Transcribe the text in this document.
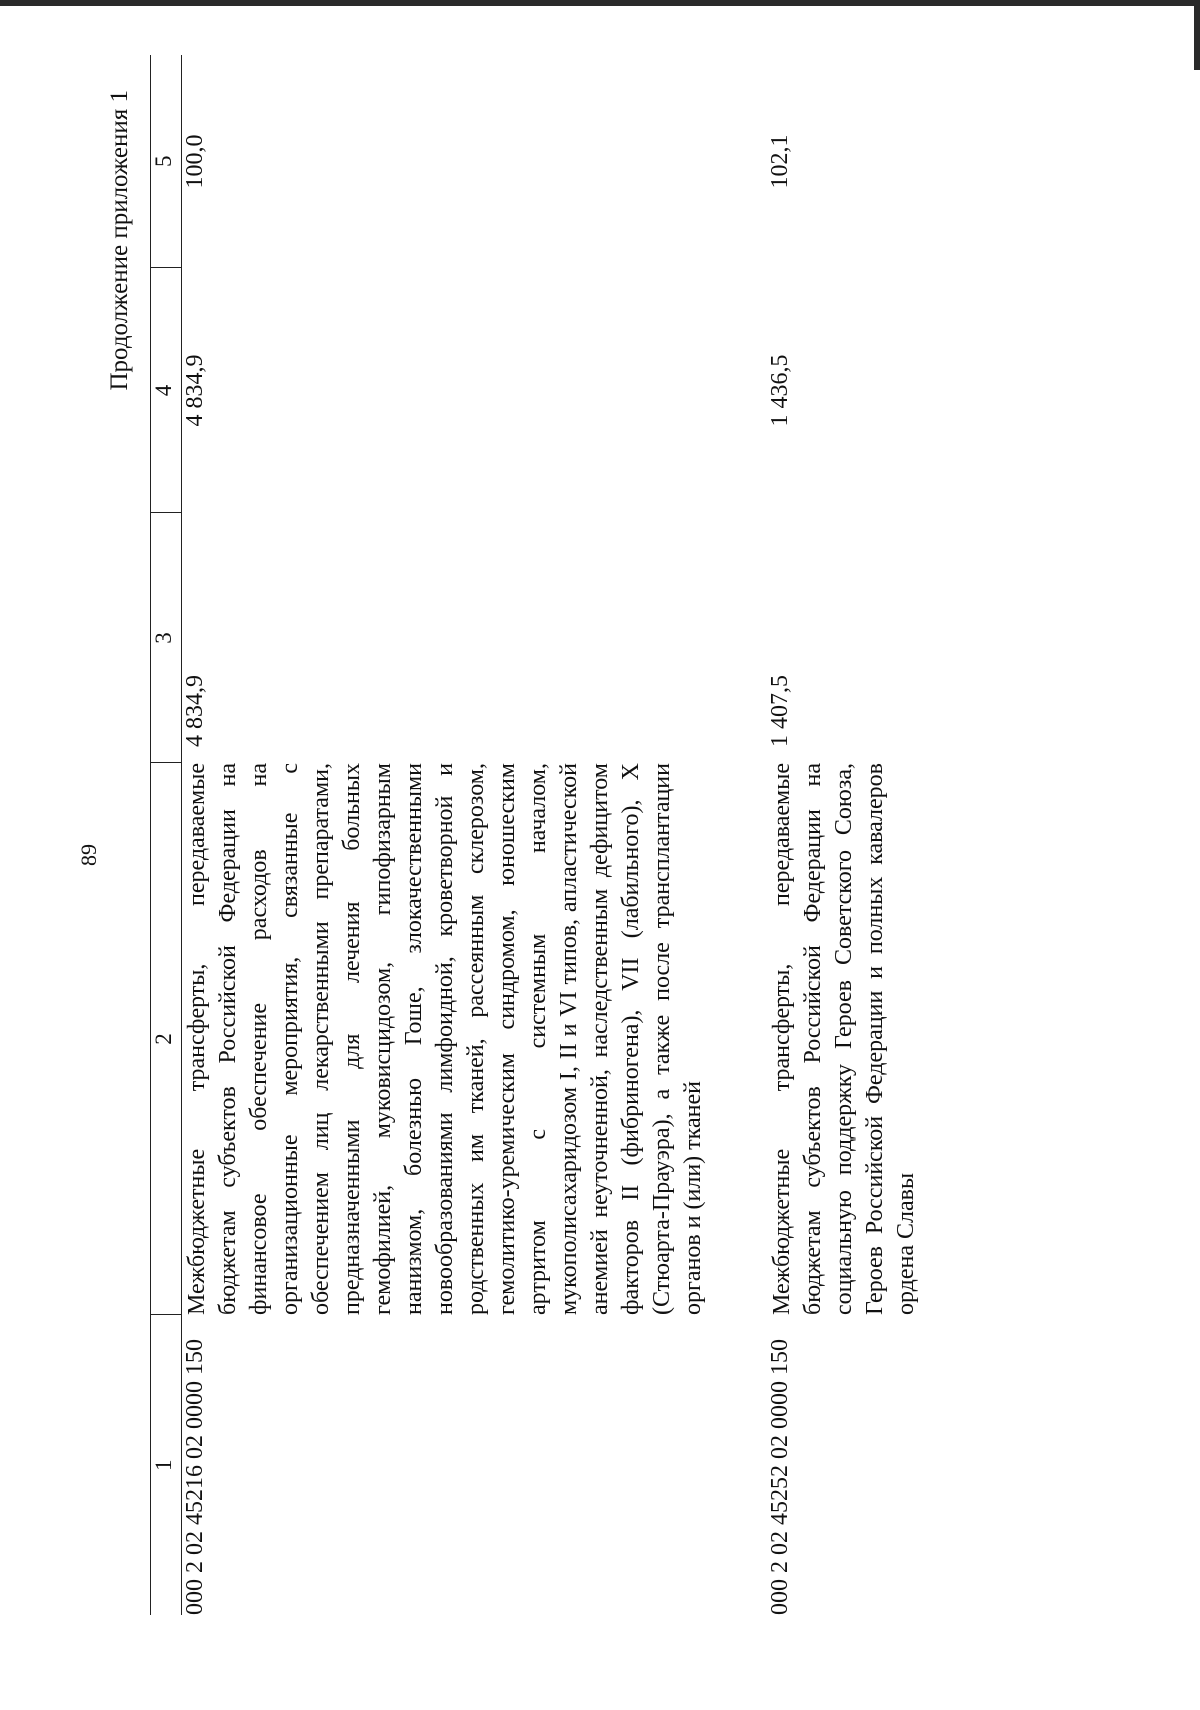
89
Продолжение приложения 1
1	2	3	4	5
000 2 02 45216 02 0000 150	Межбюджетные трансферты, передаваемые бюджетам субъектов Российской Федерации на финансовое обеспечение расходов на организационные мероприятия, связанные с обеспечением лиц лекарственными препаратами, предназначенными для лечения больных гемофилией, муковисцидозом, гипофизарным нанизмом, болезнью Гоше, злокачественными новообразованиями лимфоидной, кроветворной и родственных им тканей, рассеянным склерозом, гемолитико-уремическим синдромом, юношеским артритом с системным началом, мукополисахаридозом I, II и VI типов, апластической анемией неуточненной, наследственным дефицитом факторов II (фибриногена), VII (лабильного), X (Стюарта-Прауэра), а также после трансплантации органов и (или) тканей	4 834,9	4 834,9	100,0

000 2 02 45252 02 0000 150	Межбюджетные трансферты, передаваемые бюджетам субъектов Российской Федерации на социальную поддержку Героев Советского Союза, Героев Российской Федерации и полных кавалеров ордена Славы	1 407,5	1 436,5	102,1
